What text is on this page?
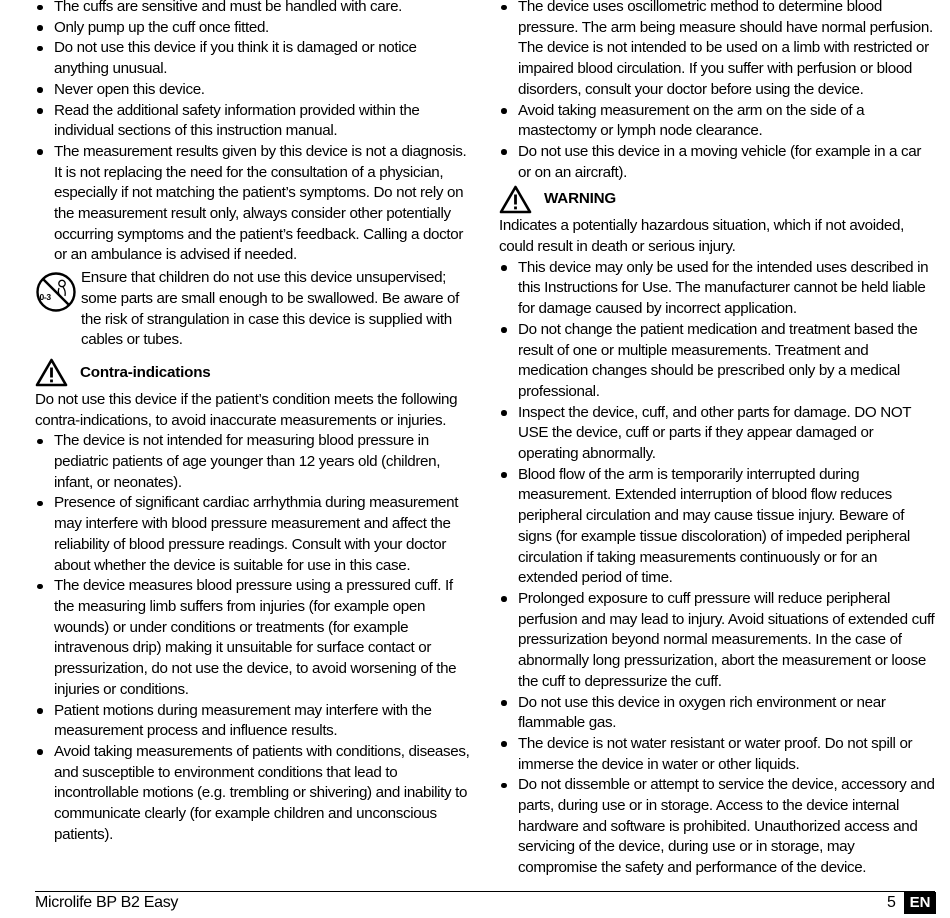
The cuffs are sensitive and must be handled with care.
Only pump up the cuff once fitted.
Do not use this device if you think it is damaged or notice anything unusual.
Never open this device.
Read the additional safety information provided within the individual sections of this instruction manual.
The measurement results given by this device is not a diagnosis. It is not replacing the need for the consultation of a physician, especially if not matching the patient’s symptoms. Do not rely on the measurement result only, always consider other potentially occurring symptoms and the patient’s feedback. Calling a doctor or an ambulance is advised if needed.
0-3
Ensure that children do not use this device unsupervised; some parts are small enough to be swallowed. Be aware of the risk of strangulation in case this device is supplied with cables or tubes.
Contra-indications
Do not use this device if the patient’s condition meets the following contra-indications, to avoid inaccurate measurements or injuries.
The device is not intended for measuring blood pressure in pediatric patients of age younger than 12 years old (children, infant, or neonates).
Presence of significant cardiac arrhythmia during measurement may interfere with blood pressure measurement and affect the reliability of blood pressure readings. Consult with your doctor about whether the device is suitable for use in this case.
The device measures blood pressure using a pressured cuff. If the measuring limb suffers from injuries (for example open wounds) or under conditions or treatments (for example intravenous drip) making it unsuitable for surface contact or pressurization, do not use the device, to avoid worsening of the injuries or conditions.
Patient motions during measurement may interfere with the measurement process and influence results.
Avoid taking measurements of patients with conditions, diseases, and susceptible to environment conditions that lead to incontrollable motions (e.g. trembling or shivering) and inability to communicate clearly (for example children and unconscious patients).
The device uses oscillometric method to determine blood pressure. The arm being measure should have normal perfusion. The device is not intended to be used on a limb with restricted or impaired blood circulation. If you suffer with perfusion or blood disorders, consult your doctor before using the device.
Avoid taking measurement on the arm on the side of a mastectomy or lymph node clearance.
Do not use this device in a moving vehicle (for example in a car or on an aircraft).
WARNING
Indicates a potentially hazardous situation, which if not avoided, could result in death or serious injury.
This device may only be used for the intended uses described in this Instructions for Use. The manufacturer cannot be held liable for damage caused by incorrect application.
Do not change the patient medication and treatment based the result of one or multiple measurements. Treatment and medication changes should be prescribed only by a medical professional.
Inspect the device, cuff, and other parts for damage. DO NOT USE the device, cuff or parts if they appear damaged or operating abnormally.
Blood flow of the arm is temporarily interrupted during measurement. Extended interruption of blood flow reduces peripheral circulation and may cause tissue injury. Beware of signs (for example tissue discoloration) of impeded peripheral circulation if taking measurements continuously or for an extended period of time.
Prolonged exposure to cuff pressure will reduce peripheral perfusion and may lead to injury. Avoid situations of extended cuff pressurization beyond normal measurements. In the case of abnormally long pressurization, abort the measurement or loose the cuff to depressurize the cuff.
Do not use this device in oxygen rich environment or near flammable gas.
The device is not water resistant or water proof. Do not spill or immerse the device in water or other liquids.
Do not dissemble or attempt to service the device, accessory and parts, during use or in storage. Access to the device internal hardware and software is prohibited. Unauthorized access and servicing of the device, during use or in storage, may compromise the safety and performance of the device.
Microlife BP B2 Easy	5 EN
